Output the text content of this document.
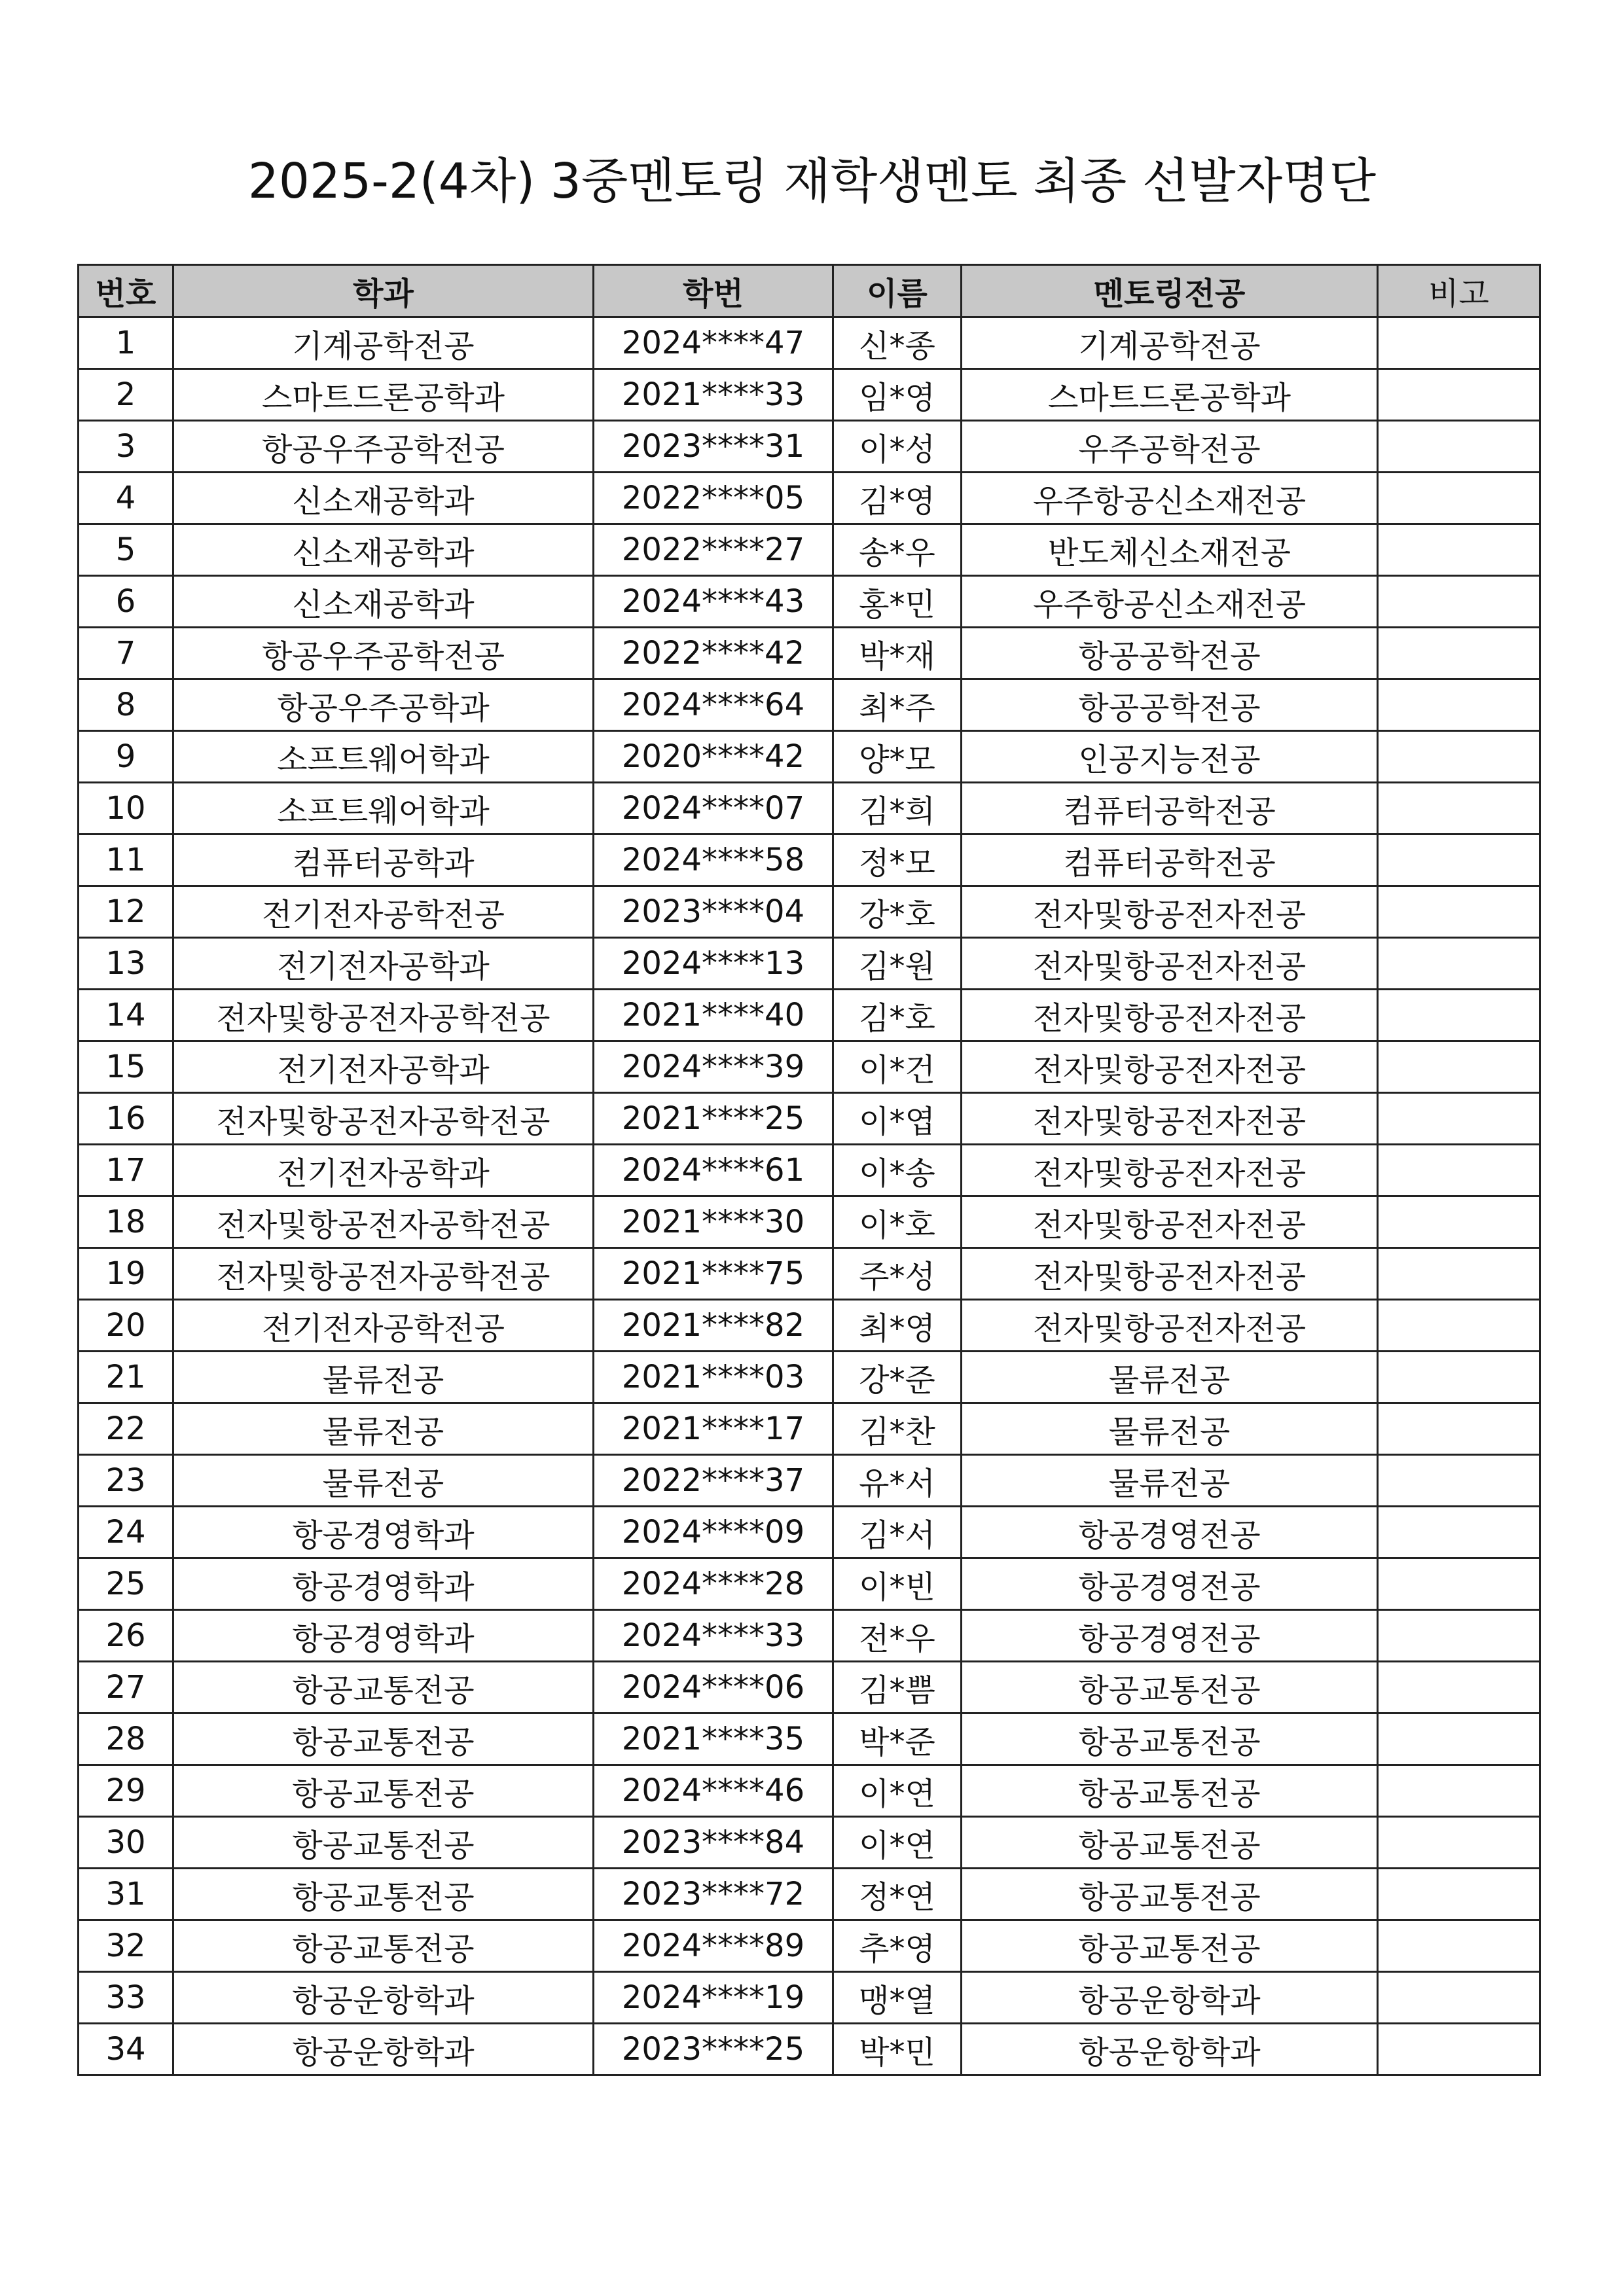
2025-2(4차) 3중멘토링 재학생멘토 최종 선발자명단
번호	학과	학번	이름	멘토링전공	비고
1	기계공학전공	2024****47	신*종	기계공학전공	
2	스마트드론공학과	2021****33	임*영	스마트드론공학과	
3	항공우주공학전공	2023****31	이*성	우주공학전공	
4	신소재공학과	2022****05	김*영	우주항공신소재전공	
5	신소재공학과	2022****27	송*우	반도체신소재전공	
6	신소재공학과	2024****43	홍*민	우주항공신소재전공	
7	항공우주공학전공	2022****42	박*재	항공공학전공	
8	항공우주공학과	2024****64	최*주	항공공학전공	
9	소프트웨어학과	2020****42	양*모	인공지능전공	
10	소프트웨어학과	2024****07	김*희	컴퓨터공학전공	
11	컴퓨터공학과	2024****58	정*모	컴퓨터공학전공	
12	전기전자공학전공	2023****04	강*호	전자및항공전자전공	
13	전기전자공학과	2024****13	김*원	전자및항공전자전공	
14	전자및항공전자공학전공	2021****40	김*호	전자및항공전자전공	
15	전기전자공학과	2024****39	이*건	전자및항공전자전공	
16	전자및항공전자공학전공	2021****25	이*엽	전자및항공전자전공	
17	전기전자공학과	2024****61	이*송	전자및항공전자전공	
18	전자및항공전자공학전공	2021****30	이*호	전자및항공전자전공	
19	전자및항공전자공학전공	2021****75	주*성	전자및항공전자전공	
20	전기전자공학전공	2021****82	최*영	전자및항공전자전공	
21	물류전공	2021****03	강*준	물류전공	
22	물류전공	2021****17	김*찬	물류전공	
23	물류전공	2022****37	유*서	물류전공	
24	항공경영학과	2024****09	김*서	항공경영전공	
25	항공경영학과	2024****28	이*빈	항공경영전공	
26	항공경영학과	2024****33	전*우	항공경영전공	
27	항공교통전공	2024****06	김*쁨	항공교통전공	
28	항공교통전공	2021****35	박*준	항공교통전공	
29	항공교통전공	2024****46	이*연	항공교통전공	
30	항공교통전공	2023****84	이*연	항공교통전공	
31	항공교통전공	2023****72	정*연	항공교통전공	
32	항공교통전공	2024****89	추*영	항공교통전공	
33	항공운항학과	2024****19	맹*열	항공운항학과	
34	항공운항학과	2023****25	박*민	항공운항학과	
